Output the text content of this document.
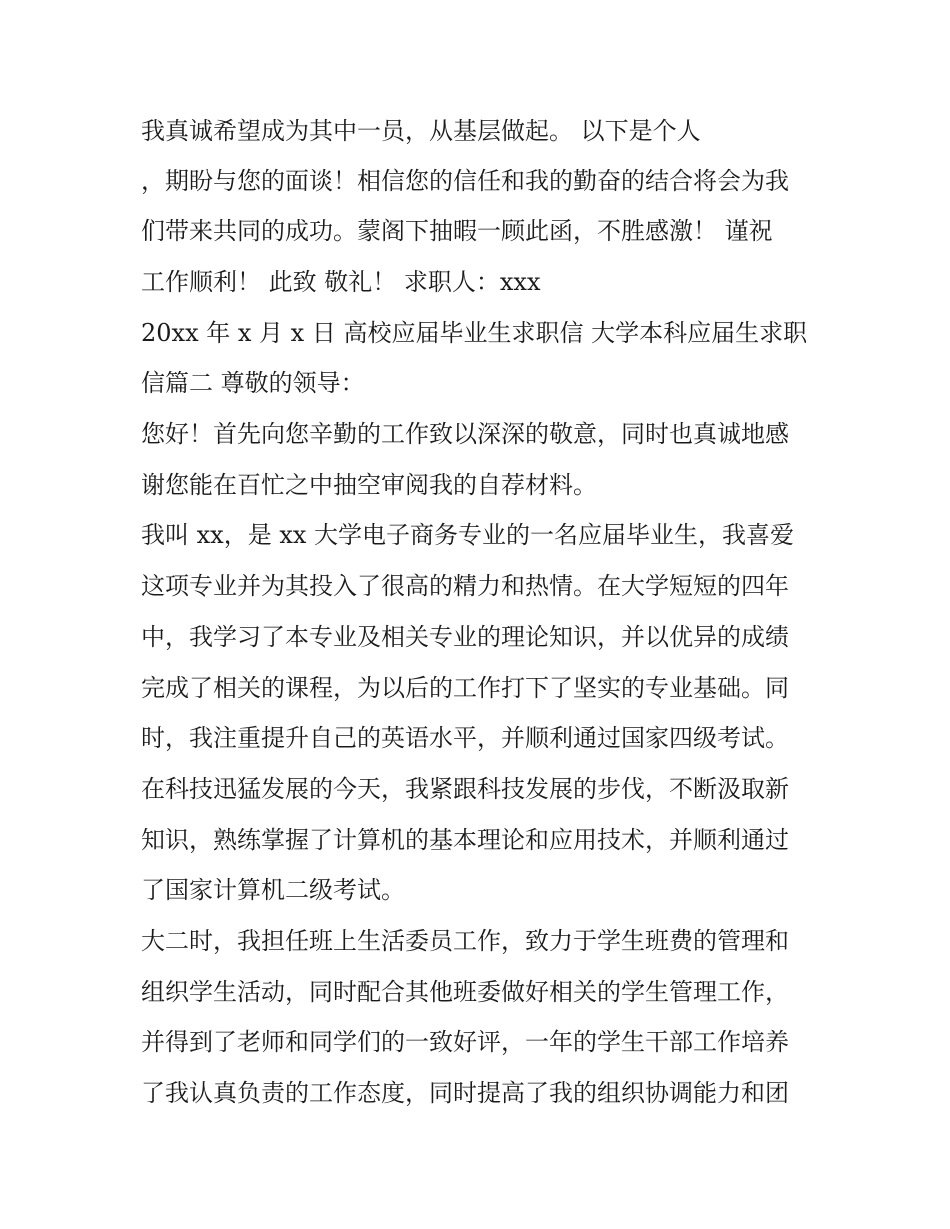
我真诚希望成为其中一员，从基层做起。 以下是个人
，期盼与您的面谈！相信您的信任和我的勤奋的结合将会为我
们带来共同的成功。蒙阁下抽暇一顾此函，不胜感激！ 谨祝
工作顺利！ 此致 敬礼！ 求职人：xxx
20xx 年 x 月 x 日 高校应届毕业生求职信 大学本科应届生求职
信篇二 尊敬的领导：
您好！首先向您辛勤的工作致以深深的敬意，同时也真诚地感
谢您能在百忙之中抽空审阅我的自荐材料。
我叫 xx，是 xx 大学电子商务专业的一名应届毕业生，我喜爱
这项专业并为其投入了很高的精力和热情。在大学短短的四年
中，我学习了本专业及相关专业的理论知识，并以优异的成绩
完成了相关的课程，为以后的工作打下了坚实的专业基础。同
时，我注重提升自己的英语水平，并顺利通过国家四级考试。
在科技迅猛发展的今天，我紧跟科技发展的步伐，不断汲取新
知识，熟练掌握了计算机的基本理论和应用技术，并顺利通过
了国家计算机二级考试。
大二时，我担任班上生活委员工作，致力于学生班费的管理和
组织学生活动，同时配合其他班委做好相关的学生管理工作，
并得到了老师和同学们的一致好评，一年的学生干部工作培养
了我认真负责的工作态度，同时提高了我的组织协调能力和团
